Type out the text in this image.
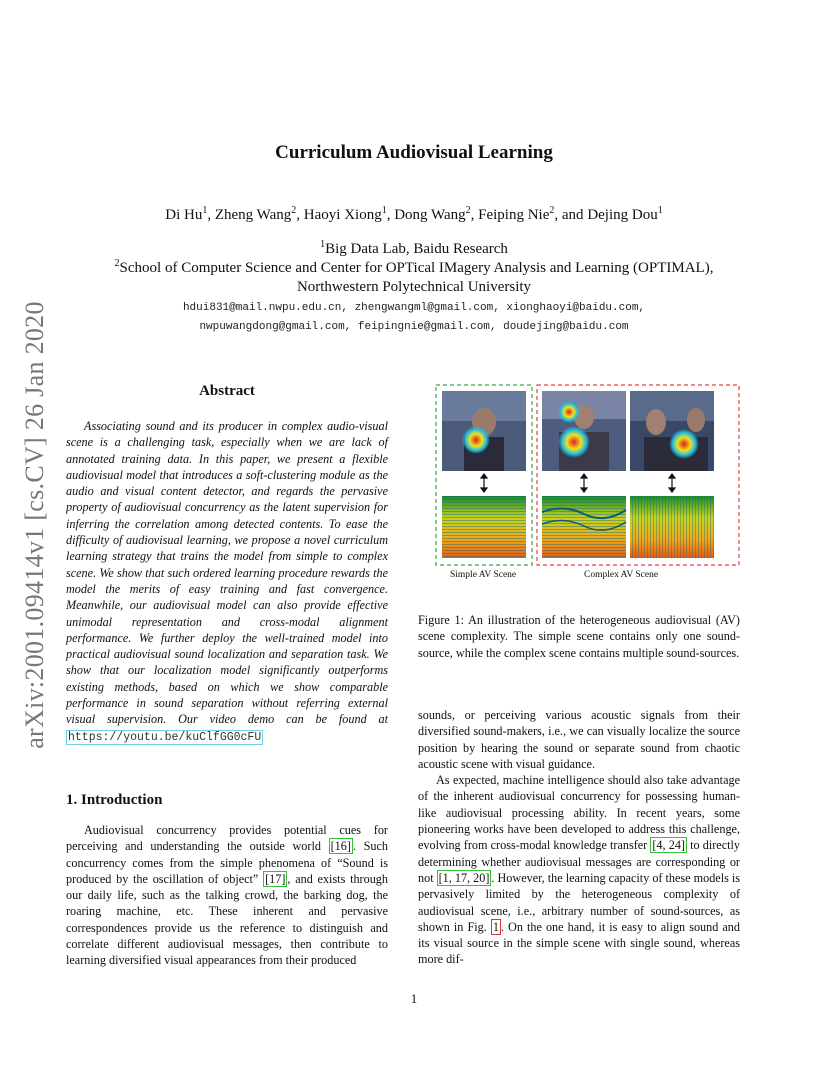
arXiv:2001.09414v1 [cs.CV] 26 Jan 2020
Curriculum Audiovisual Learning
Di Hu$^1$, Zheng Wang$^2$, Haoyi Xiong$^1$, Dong Wang$^2$, Feiping Nie$^2$, and Dejing Dou$^1$
$^1$Big Data Lab, Baidu Research
$^2$School of Computer Science and Center for OPTical IMagery Analysis and Learning (OPTIMAL),
Northwestern Polytechnical University
hdui831@mail.nwpu.edu.cn, zhengwangml@gmail.com, xionghaoyi@baidu.com,
nwpuwangdong@gmail.com, feipingnie@gmail.com, doudejing@baidu.com
Abstract

Associating sound and its producer in complex audio-visual scene is a challenging task, especially when we are lack of annotated training data. In this paper, we present a flexible audiovisual model that introduces a soft-clustering module as the audio and visual content detector, and regards the pervasive property of audiovisual concurrency as the latent supervision for inferring the correlation among detected contents. To ease the difficulty of audiovisual learning, we propose a novel curriculum learning strategy that trains the model from simple to complex scene. We show that such ordered learning procedure rewards the model the merits of easy training and fast convergence. Meanwhile, our audiovisual model can also provide effective unimodal representation and cross-modal alignment performance. We further deploy the well-trained model into practical audiovisual sound localization and separation task. We show that our localization model significantly outperforms existing methods, based on which we show comparable performance in sound separation without referring external visual supervision. Our video demo can be found at https://youtu.be/kuClfGG0cFU

1. Introduction

Audiovisual concurrency provides potential cues for perceiving and understanding the outside world [16] . Such concurrency comes from the simple phenomena of “Sound is produced by the oscillation of object” [17] , and exists through our daily life, such as the talking crowd, the barking dog, the roaring machine, etc. These inherent and pervasive correspondences provide us the reference to distinguish and correlate different audiovisual messages, then contribute to learning diversified visual appearances from their produced

Simple AV Scene	Complex AV Scene
Figure 1: An illustration of the heterogeneous audiovisual (AV) scene complexity. The simple scene contains only one sound-source, while the complex scene contains multiple sound-sources.

sounds, or perceiving various acoustic signals from their diversified sound-makers, i.e., we can visually localize the source position by hearing the sound or separate sound from chaotic acoustic scene with visual guidance.

As expected, machine intelligence should also take advantage of the inherent audiovisual concurrency for possessing human-like audiovisual processing ability. In recent years, some pioneering works have been developed to address this challenge, evolving from cross-modal knowledge transfer [4, 24] to directly determining whether audiovisual messages are corresponding or not [1, 17, 20] . However, the learning capacity of these models is pervasively limited by the heterogeneous complexity of audiovisual scene, i.e., arbitrary number of sound-sources, as shown in Fig. 1 . On the one hand, it is easy to align sound and its visual source in the simple scene with single sound, whereas more dif-

1
